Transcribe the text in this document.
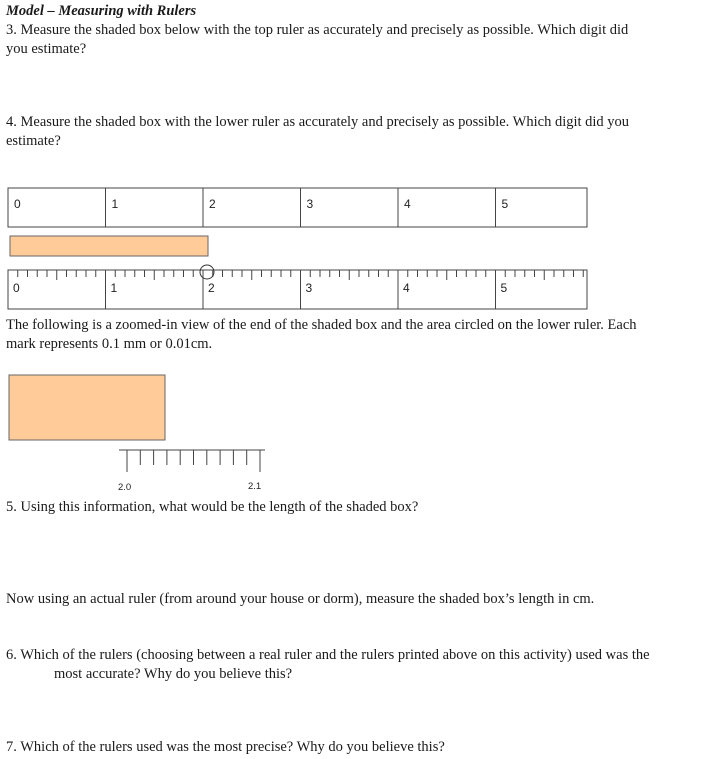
Model – Measuring with Rulers
3. Measure the shaded box below with the top ruler as accurately and precisely as possible. Which digit did
you estimate?
4. Measure the shaded box with the lower ruler as accurately and precisely as possible. Which digit did you
estimate?
0	1	2	3	4	5
0	1	2	3	4	5
2.0	2.1
The following is a zoomed-in view of the end of the shaded box and the area circled on the lower ruler. Each
mark represents 0.1 mm or 0.01cm.
5. Using this information, what would be the length of the shaded box?
Now using an actual ruler (from around your house or dorm), measure the shaded box’s length in cm.
6. Which of the rulers (choosing between a real ruler and the rulers printed above on this activity) used was the
most accurate? Why do you believe this?
7. Which of the rulers used was the most precise? Why do you believe this?
